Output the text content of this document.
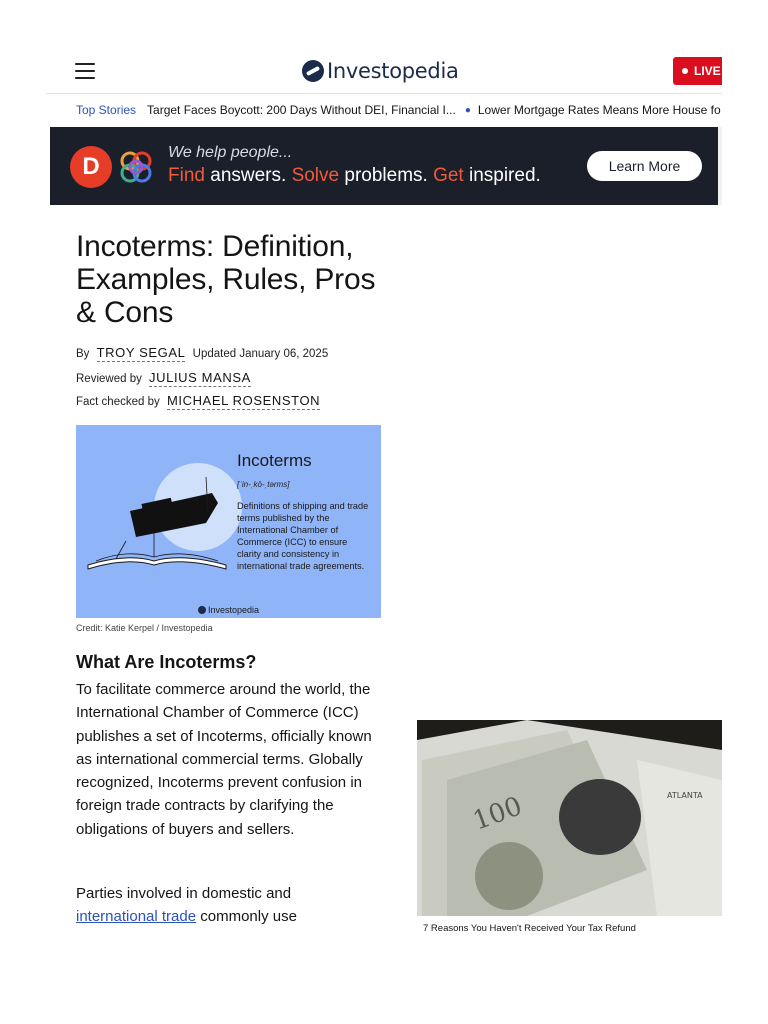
Investopedia	LIVE
Top Stories Target Faces Boycott: 200 Days Without DEI, Financial I... ● Lower Mortgage Rates Means More House fo
D
We help people...
Find answers. Solve problems. Get inspired.	Learn More
Incoterms: Definition, Examples, Rules, Pros & Cons
By TROY SEGAL Updated January 06, 2025
Reviewed by JULIUS MANSA
Fact checked by MICHAEL ROSENSTON
Incoterms
[ˈin-ˌkō-ˌtərms]
Definitions of shipping and trade terms published by the International Chamber of Commerce (ICC) to ensure clarity and consistency in international trade agreements.
Investopedia
Credit: Katie Kerpel / Investopedia
What Are Incoterms?

To facilitate commerce around the world, the International Chamber of Commerce (ICC) publishes a set of Incoterms, officially known as international commercial terms. Globally recognized, Incoterms prevent confusion in foreign trade contracts by clarifying the obligations of buyers and sellers.

Parties involved in domestic and international trade commonly use

100	ATLANTA
7 Reasons You Haven't Received Your Tax Refund
